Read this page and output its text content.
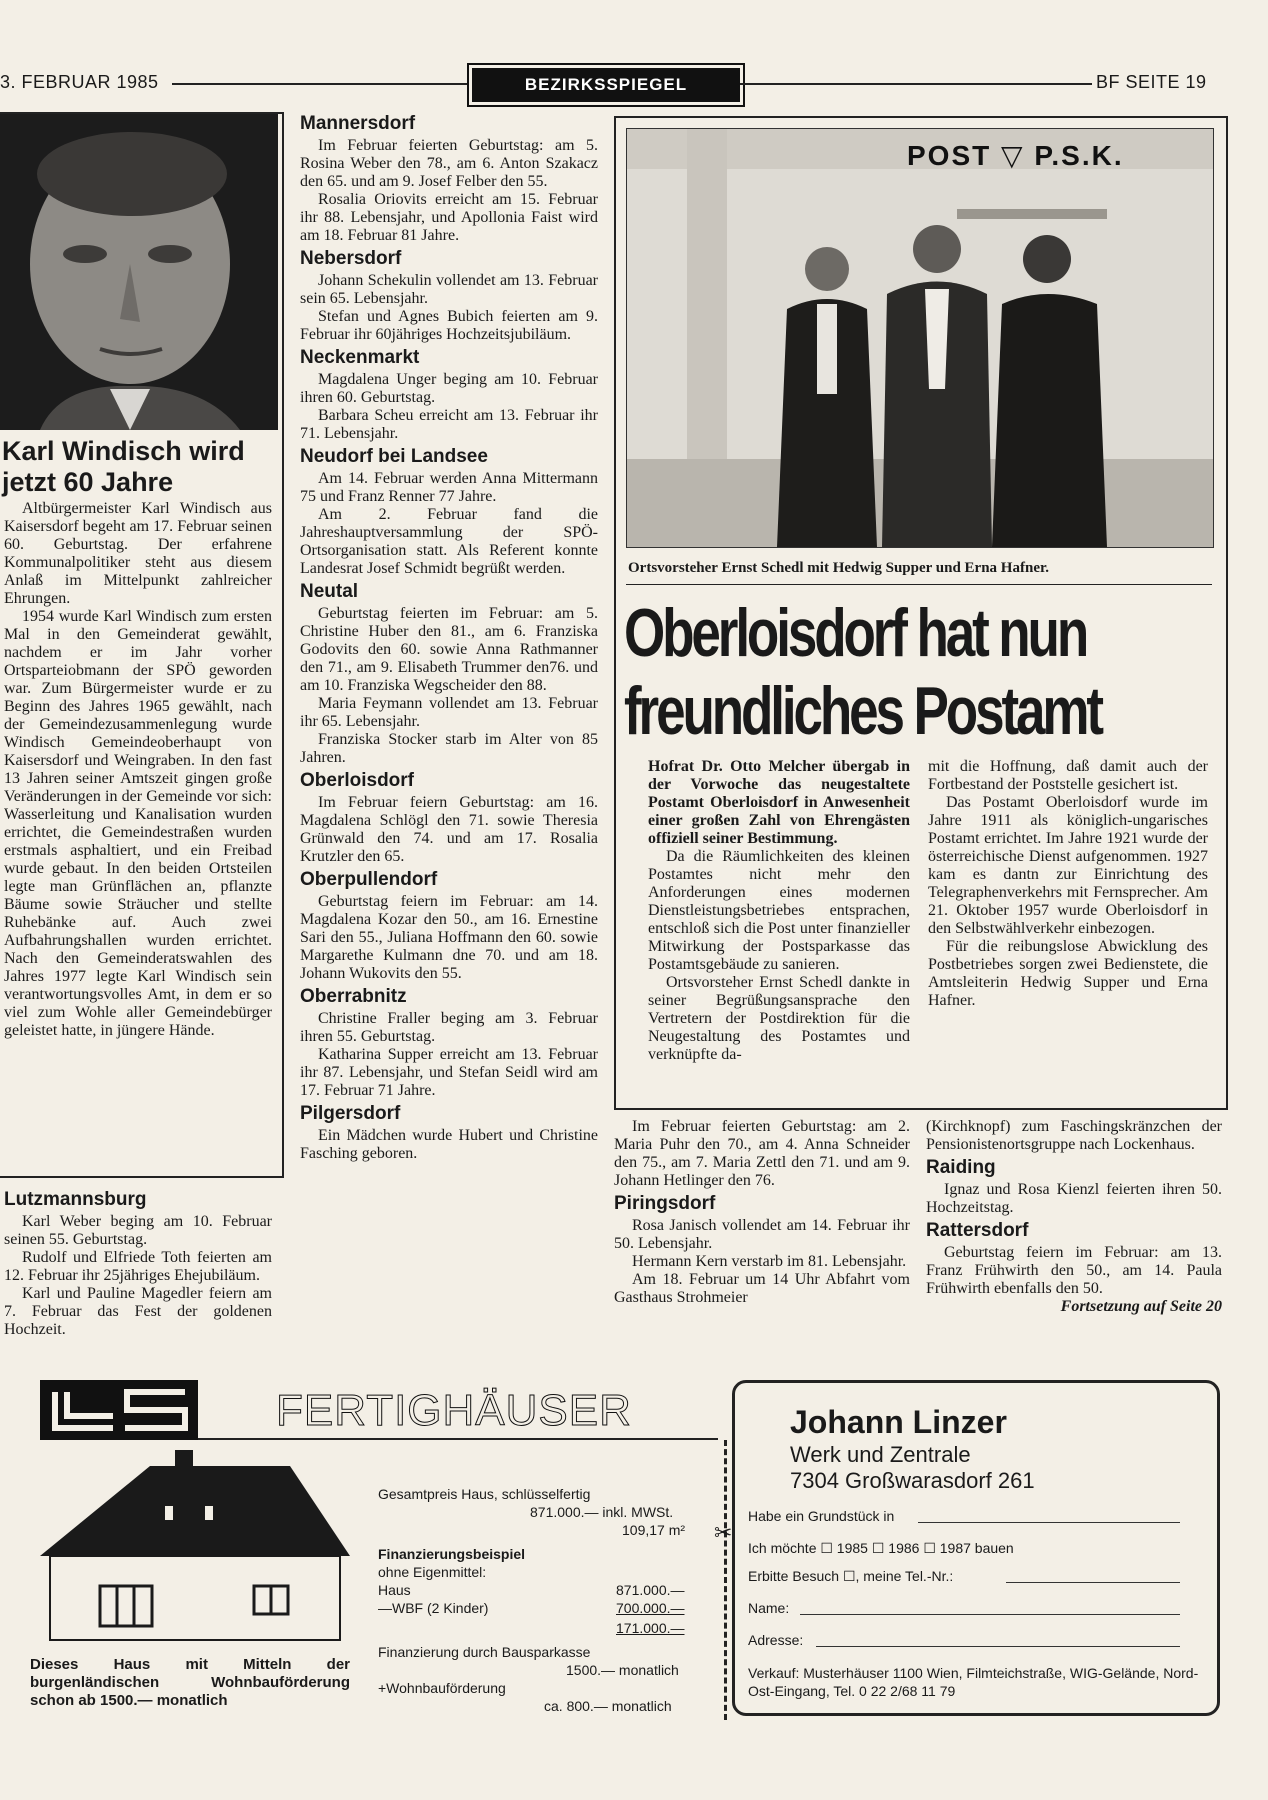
3. FEBRUAR 1985	BEZIRKSSPIEGEL	BF SEITE 19
Karl Windisch wird
jetzt 60 Jahre

Altbürgermeister Karl Windisch aus Kaisersdorf begeht am 17. Februar seinen 60. Geburtstag. Der erfahrene Kommunalpolitiker steht aus diesem Anlaß im Mittelpunkt zahlreicher Ehrungen.

1954 wurde Karl Windisch zum ersten Mal in den Gemeinderat gewählt, nachdem er im Jahr vorher Ortsparteiobmann der SPÖ geworden war. Zum Bürgermeister wurde er zu Beginn des Jahres 1965 gewählt, nach der Gemeindezusammenlegung wurde Windisch Gemeindeoberhaupt von Kaisersdorf und Weingraben. In den fast 13 Jahren seiner Amtszeit gingen große Veränderungen in der Gemeinde vor sich: Wasserleitung und Kanalisation wurden errichtet, die Gemeindestraßen wurden erstmals asphaltiert, und ein Freibad wurde gebaut. In den beiden Ortsteilen legte man Grünflächen an, pflanzte Bäume sowie Sträucher und stellte Ruhebänke auf. Auch zwei Aufbahrungshallen wurden errichtet. Nach den Gemeinderatswahlen des Jahres 1977 legte Karl Windisch sein verantwortungsvolles Amt, in dem er so viel zum Wohle aller Gemeindebürger geleistet hatte, in jüngere Hände.

Lutzmannsburg

Karl Weber beging am 10. Februar seinen 55. Geburtstag.

Rudolf und Elfriede Toth feierten am 12. Februar ihr 25jähriges Ehejubiläum.

Karl und Pauline Magedler feiern am 7. Februar das Fest der goldenen Hochzeit.

Mannersdorf

Im Februar feierten Geburtstag: am 5. Rosina Weber den 78., am 6. Anton Szakacz den 65. und am 9. Josef Felber den 55.

Rosalia Oriovits erreicht am 15. Februar ihr 88. Lebensjahr, und Apollonia Faist wird am 18. Februar 81 Jahre.

Nebersdorf

Johann Schekulin vollendet am 13. Februar sein 65. Lebensjahr.

Stefan und Agnes Bubich feierten am 9. Februar ihr 60jähriges Hochzeitsjubiläum.

Neckenmarkt

Magdalena Unger beging am 10. Februar ihren 60. Geburtstag.

Barbara Scheu erreicht am 13. Februar ihr 71. Lebensjahr.

Neudorf bei Landsee

Am 14. Februar werden Anna Mittermann 75 und Franz Renner 77 Jahre.

Am 2. Februar fand die Jahreshauptversammlung der SPÖ-Ortsorganisation statt. Als Referent konnte Landesrat Josef Schmidt begrüßt werden.

Neutal

Geburtstag feierten im Februar: am 5. Christine Huber den 81., am 6. Franziska Godovits den 60. sowie Anna Rathmanner den 71., am 9. Elisabeth Trummer den76. und am 10. Franziska Wegscheider den 88.

Maria Feymann vollendet am 13. Februar ihr 65. Lebensjahr.

Franziska Stocker starb im Alter von 85 Jahren.

Oberloisdorf

Im Februar feiern Geburtstag: am 16. Magdalena Schlögl den 71. sowie Theresia Grünwald den 74. und am 17. Rosalia Krutzler den 65.

Oberpullendorf

Geburtstag feiern im Februar: am 14. Magdalena Kozar den 50., am 16. Ernestine Sari den 55., Juliana Hoffmann den 60. sowie Margarethe Kulmann dne 70. und am 18. Johann Wukovits den 55.

Oberrabnitz

Christine Fraller beging am 3. Februar ihren 55. Geburtstag.

Katharina Supper erreicht am 13. Februar ihr 87. Lebensjahr, und Stefan Seidl wird am 17. Februar 71 Jahre.

Pilgersdorf

Ein Mädchen wurde Hubert und Christine Fasching geboren.

POST ▽ P.S.K.
Ortsvorsteher Ernst Schedl mit Hedwig Supper und Erna Hafner.
Oberloisdorf hat nun
freundliches Postamt

Hofrat Dr. Otto Melcher übergab in der Vorwoche das neugestaltete Postamt Oberloisdorf in Anwesenheit einer großen Zahl von Ehrengästen offiziell seiner Bestimmung.

Da die Räumlichkeiten des kleinen Postamtes nicht mehr den Anforderungen eines modernen Dienstleistungsbetriebes entsprachen, entschloß sich die Post unter finanzieller Mitwirkung der Postsparkasse das Postamtsgebäude zu sanieren.

Ortsvorsteher Ernst Schedl dankte in seiner Begrüßungsansprache den Vertretern der Postdirektion für die Neugestaltung des Postamtes und verknüpfte da-

mit die Hoffnung, daß damit auch der Fortbestand der Poststelle gesichert ist.

Das Postamt Oberloisdorf wurde im Jahre 1911 als königlich-ungarisches Postamt errichtet. Im Jahre 1921 wurde der österreichische Dienst aufgenommen. 1927 kam es dantn zur Einrichtung des Telegraphenverkehrs mit Fernsprecher. Am 21. Oktober 1957 wurde Oberloisdorf in den Selbstwählverkehr einbezogen.

Für die reibungslose Abwicklung des Postbetriebes sorgen zwei Bedienstete, die Amtsleiterin Hedwig Supper und Erna Hafner.

Im Februar feierten Geburtstag: am 2. Maria Puhr den 70., am 4. Anna Schneider den 75., am 7. Maria Zettl den 71. und am 9. Johann Hetlinger den 76.

Piringsdorf

Rosa Janisch vollendet am 14. Februar ihr 50. Lebensjahr.

Hermann Kern verstarb im 81. Lebensjahr.

Am 18. Februar um 14 Uhr Abfahrt vom Gasthaus Strohmeier

(Kirchknopf) zum Faschingskränzchen der Pensionistenortsgruppe nach Lockenhaus.

Raiding

Ignaz und Rosa Kienzl feierten ihren 50. Hochzeitstag.

Rattersdorf

Geburtstag feiern im Februar: am 13. Franz Frühwirth den 50., am 14. Paula Frühwirth ebenfalls den 50.

Fortsetzung auf Seite 20
FERTIGHÄUSER
Dieses Haus mit Mitteln der burgenländischen Wohnbauförderung schon ab 1500.— monatlich
Gesamtpreis Haus, schlüsselfertig
871.000.— inkl. MWSt.
109,17 m²
Finanzierungsbeispiel
ohne Eigenmittel:
Haus	871.000.—
—WBF (2 Kinder)	700.000.—
171.000.—
Finanzierung durch Bausparkasse
1500.— monatlich
+Wohnbauförderung
ca. 800.— monatlich
✂
Johann Linzer
Werk und Zentrale
7304 Großwarasdorf 261
Habe ein Grundstück in
Ich möchte ☐ 1985 ☐ 1986 ☐ 1987 bauen
Erbitte Besuch ☐, meine Tel.-Nr.:
Name:
Adresse:
Verkauf: Musterhäuser 1100 Wien, Filmteichstraße, WIG-Gelände, Nord-Ost-Eingang, Tel. 0 22 2/68 11 79
